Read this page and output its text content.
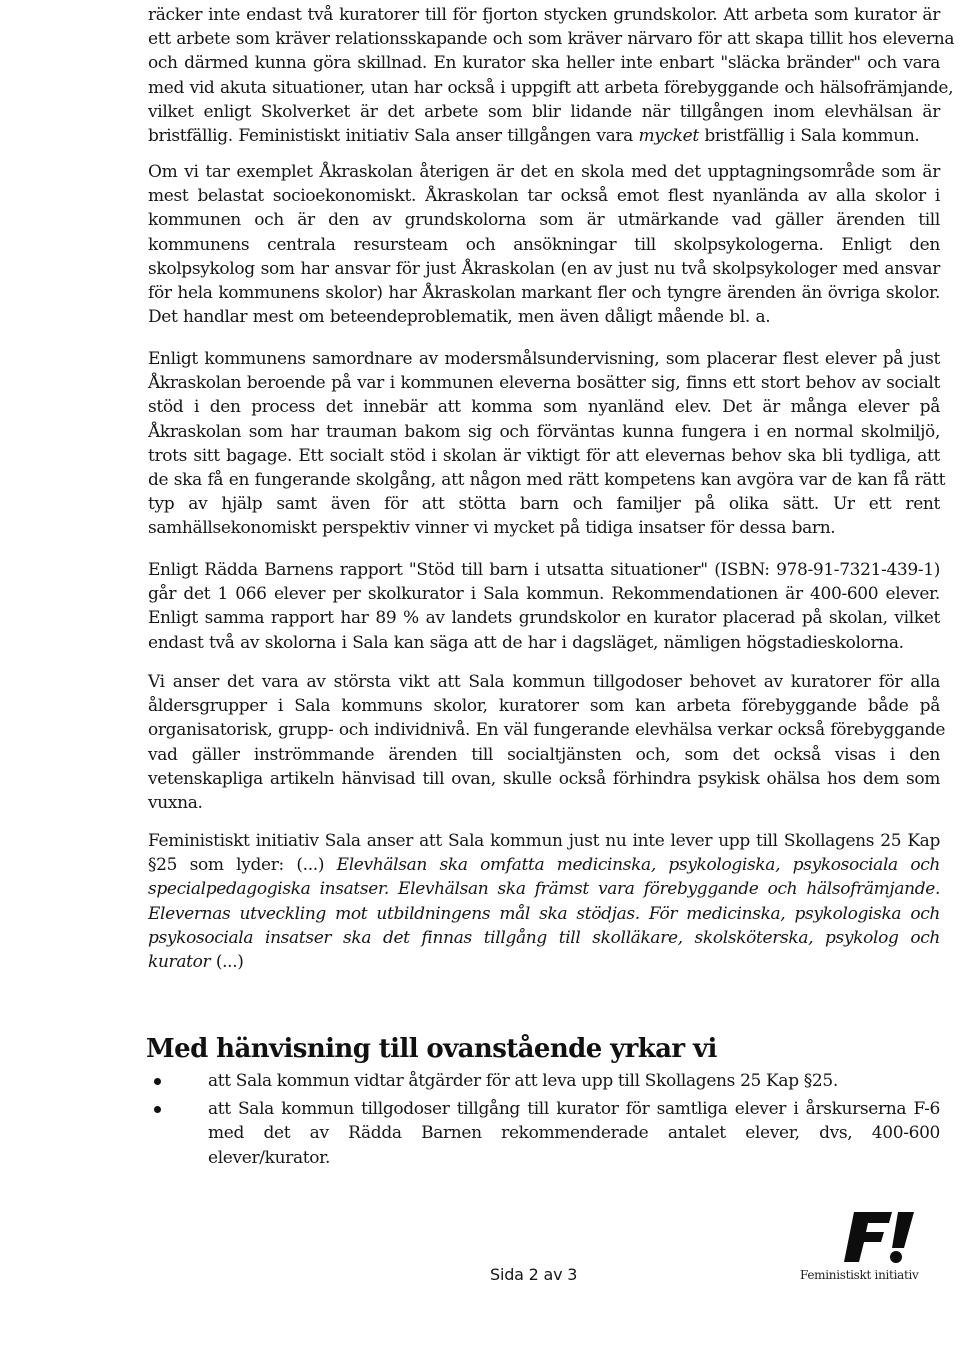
räcker inte endast två kuratorer till för fjorton stycken grundskolor. Att arbeta som kurator är
ett arbete som kräver relationsskapande och som kräver närvaro för att skapa tillit hos eleverna
och därmed kunna göra skillnad. En kurator ska heller inte enbart "släcka bränder" och vara
med vid akuta situationer, utan har också i uppgift att arbeta förebyggande och hälsofrämjande,
vilket enligt Skolverket är det arbete som blir lidande när tillgången inom elevhälsan är
bristfällig. Feministiskt initiativ Sala anser tillgången vara mycket bristfällig i Sala kommun.
Om vi tar exemplet Åkraskolan återigen är det en skola med det upptagningsområde som är
mest belastat socioekonomiskt. Åkraskolan tar också emot flest nyanlända av alla skolor i
kommunen och är den av grundskolorna som är utmärkande vad gäller ärenden till
kommunens centrala resursteam och ansökningar till skolpsykologerna. Enligt den
skolpsykolog som har ansvar för just Åkraskolan (en av just nu två skolpsykologer med ansvar
för hela kommunens skolor) har Åkraskolan markant fler och tyngre ärenden än övriga skolor.
Det handlar mest om beteendeproblematik, men även dåligt mående bl. a.
Enligt kommunens samordnare av modersmålsundervisning, som placerar flest elever på just
Åkraskolan beroende på var i kommunen eleverna bosätter sig, finns ett stort behov av socialt
stöd i den process det innebär att komma som nyanländ elev. Det är många elever på
Åkraskolan som har trauman bakom sig och förväntas kunna fungera i en normal skolmiljö,
trots sitt bagage. Ett socialt stöd i skolan är viktigt för att elevernas behov ska bli tydliga, att
de ska få en fungerande skolgång, att någon med rätt kompetens kan avgöra var de kan få rätt
typ av hjälp samt även för att stötta barn och familjer på olika sätt. Ur ett rent
samhällsekonomiskt perspektiv vinner vi mycket på tidiga insatser för dessa barn.
Enligt Rädda Barnens rapport "Stöd till barn i utsatta situationer" (ISBN: 978-91-7321-439-1)
går det 1 066 elever per skolkurator i Sala kommun. Rekommendationen är 400-600 elever.
Enligt samma rapport har 89 % av landets grundskolor en kurator placerad på skolan, vilket
endast två av skolorna i Sala kan säga att de har i dagsläget, nämligen högstadieskolorna.
Vi anser det vara av största vikt att Sala kommun tillgodoser behovet av kuratorer för alla
åldersgrupper i Sala kommuns skolor, kuratorer som kan arbeta förebyggande både på
organisatorisk, grupp- och individnivå. En väl fungerande elevhälsa verkar också förebyggande
vad gäller inströmmande ärenden till socialtjänsten och, som det också visas i den
vetenskapliga artikeln hänvisad till ovan, skulle också förhindra psykisk ohälsa hos dem som
vuxna.
Feministiskt initiativ Sala anser att Sala kommun just nu inte lever upp till Skollagens 25 Kap
§25 som lyder: (...) Elevhälsan ska omfatta medicinska, psykologiska, psykosociala och
specialpedagogiska insatser. Elevhälsan ska främst vara förebyggande och hälsofrämjande.
Elevernas utveckling mot utbildningens mål ska stödjas. För medicinska, psykologiska och
psykosociala insatser ska det finnas tillgång till skolläkare, skolsköterska, psykolog och
kurator (...)
Med hänvisning till ovanstående yrkar vi
att Sala kommun vidtar åtgärder för att leva upp till Skollagens 25 Kap §25.
att Sala kommun tillgodoser tillgång till kurator för samtliga elever i årskurserna F-6
med det av Rädda Barnen rekommenderade antalet elever, dvs, 400-600
elever/kurator.
Sida 2 av 3	Feministiskt initiativ
